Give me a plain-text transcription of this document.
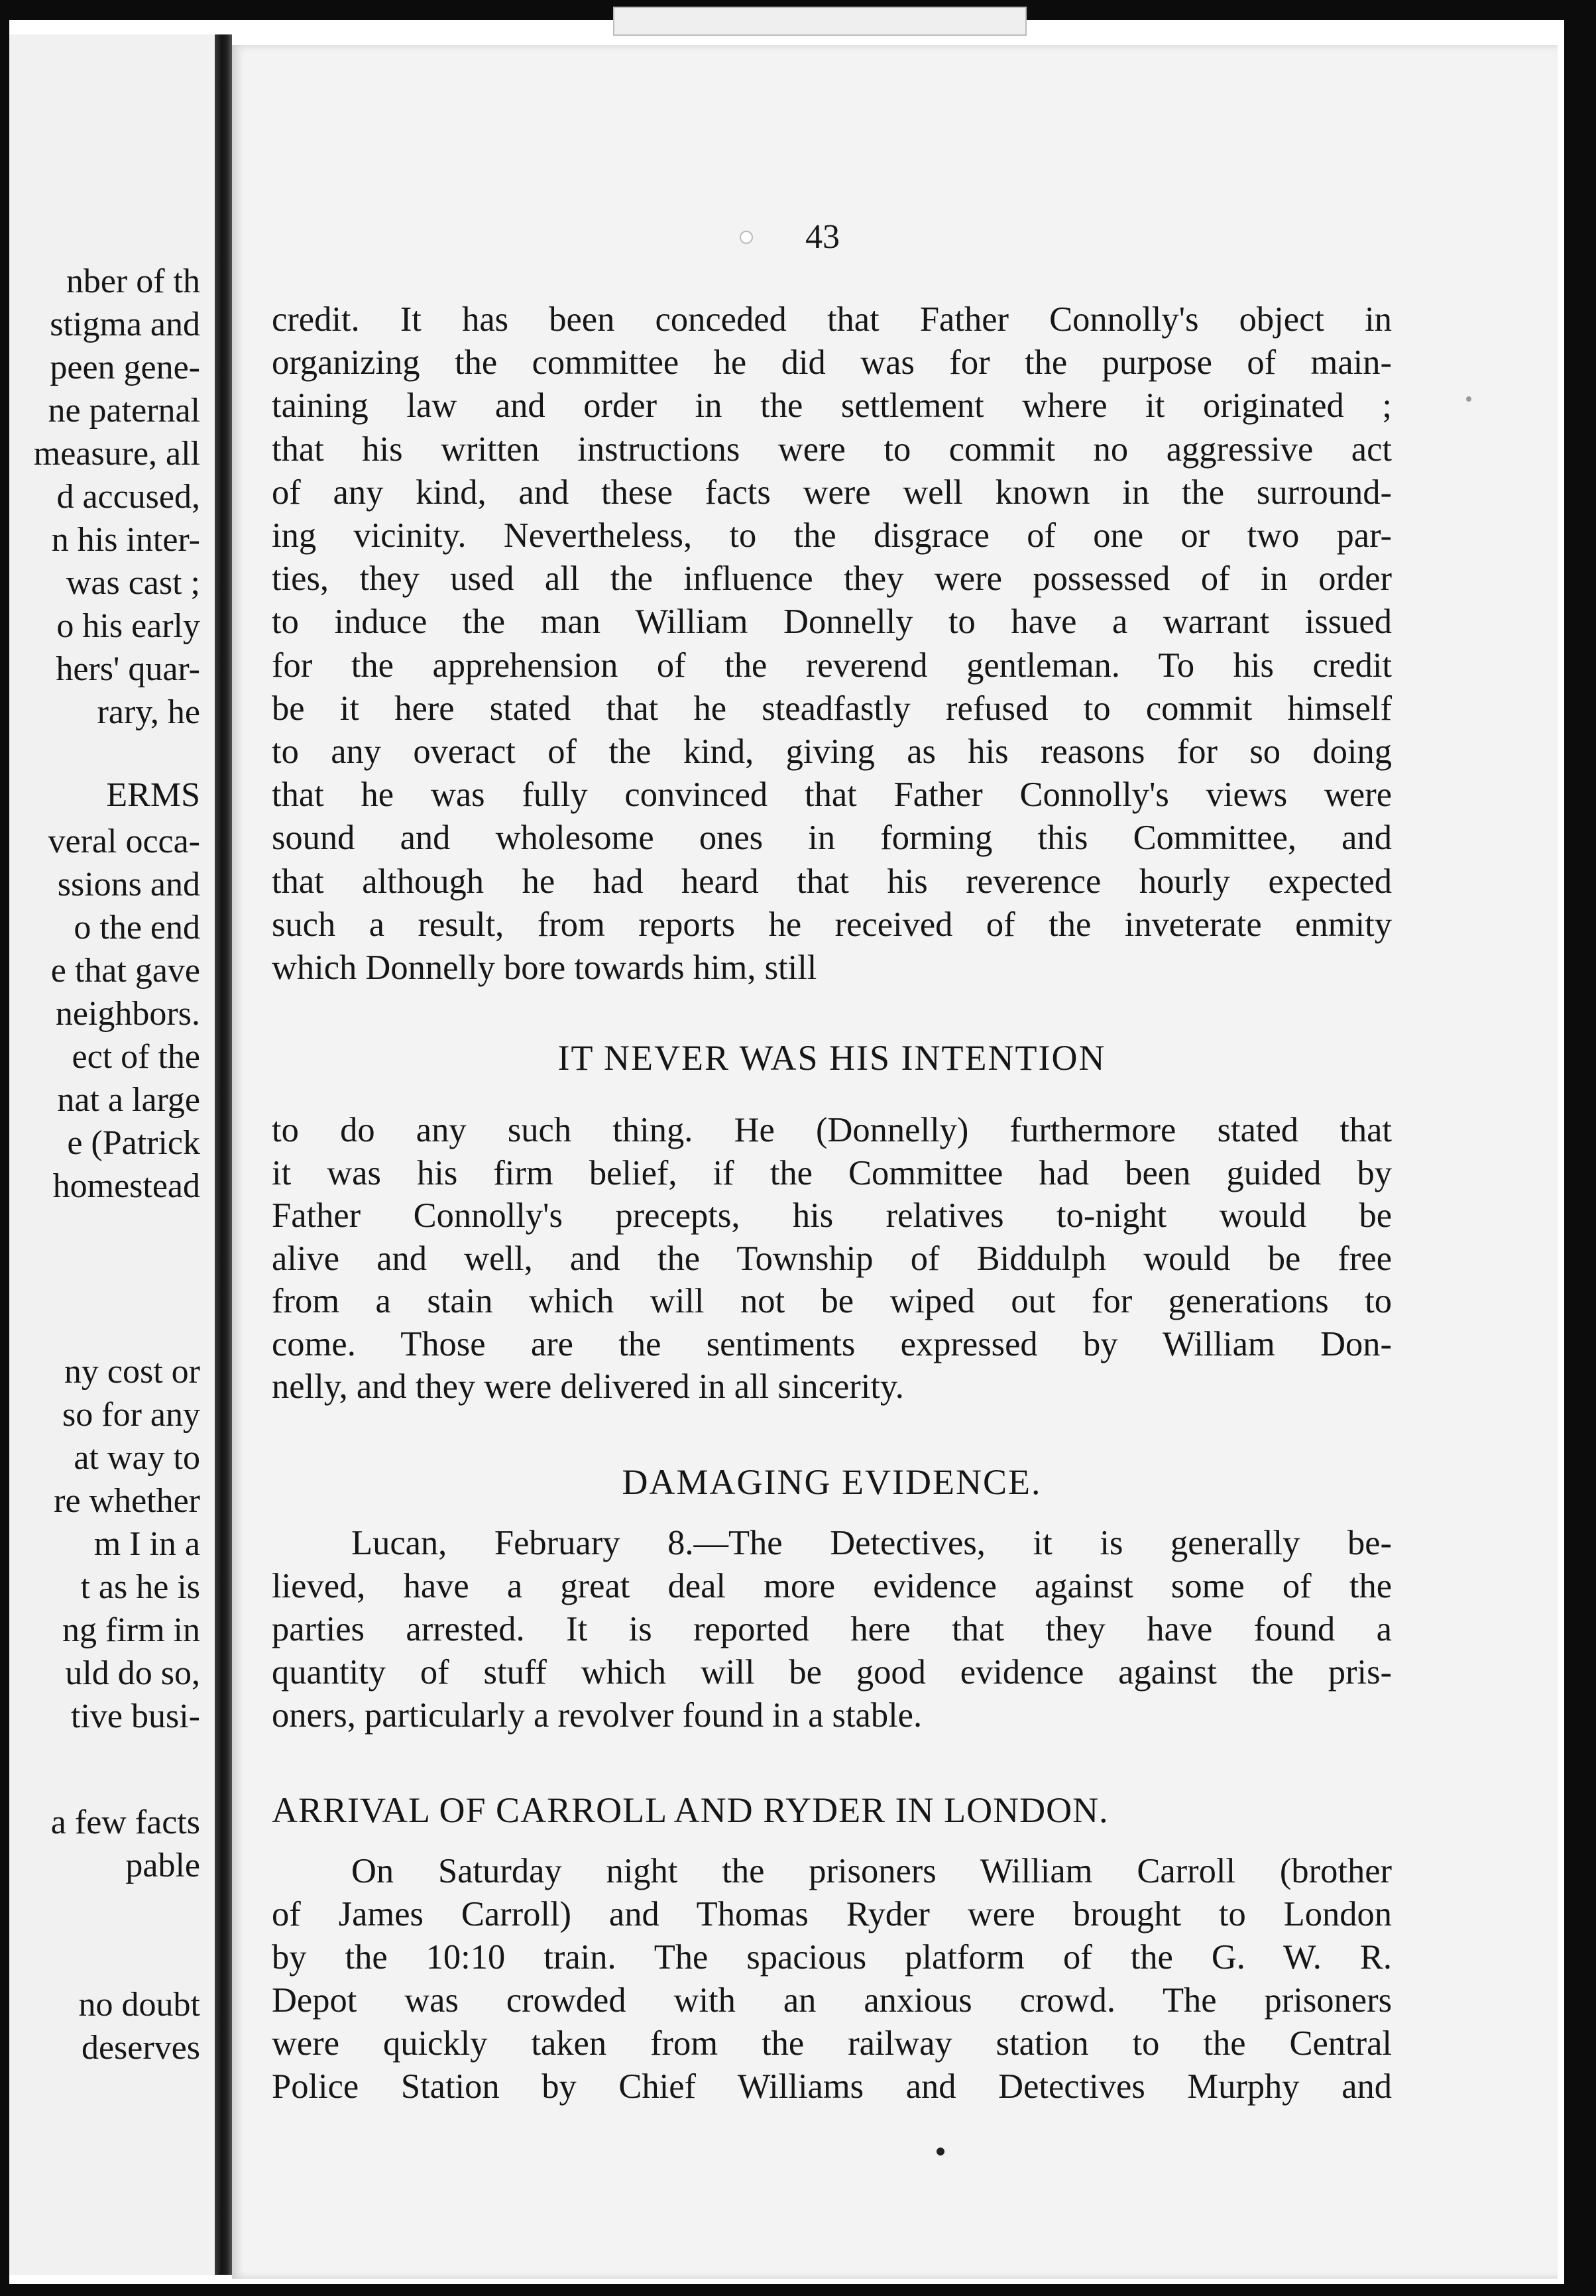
nber of th
stigma and
peen gene-
ne paternal
measure, all
d accused,
n his inter-
was cast ;
o his early
hers' quar-
rary, he
ERMS
veral occa-
ssions and
o the end
e that gave
neighbors.
ect of the
nat a large
e (Patrick
homestead
ny cost or
so for any
at way to
re whether
m I in a
t as he is
ng firm in
uld do so,
tive busi-
a few facts
pable
no doubt
deserves
43
credit. It has been conceded that Father Connolly's object in
organizing the committee he did was for the purpose of main-
taining law and order in the settlement where it originated ;
that his written instructions were to commit no aggressive act
of any kind, and these facts were well known in the surround-
ing vicinity. Nevertheless, to the disgrace of one or two par-
ties, they used all the influence they were possessed of in order
to induce the man William Donnelly to have a warrant issued
for the apprehension of the reverend gentleman. To his credit
be it here stated that he steadfastly refused to commit himself
to any overact of the kind, giving as his reasons for so doing
that he was fully convinced that Father Connolly's views were
sound and wholesome ones in forming this Committee, and
that although he had heard that his reverence hourly expected
such a result, from reports he received of the inveterate enmity
which Donnelly bore towards him, still
IT NEVER WAS HIS INTENTION
to do any such thing. He (Donnelly) furthermore stated that
it was his firm belief, if the Committee had been guided by
Father Connolly's precepts, his relatives to-night would be
alive and well, and the Township of Biddulph would be free
from a stain which will not be wiped out for generations to
come. Those are the sentiments expressed by William Don-
nelly, and they were delivered in all sincerity.
DAMAGING EVIDENCE.
Lucan, February 8.—The Detectives, it is generally be-
lieved, have a great deal more evidence against some of the
parties arrested. It is reported here that they have found a
quantity of stuff which will be good evidence against the pris-
oners, particularly a revolver found in a stable.
ARRIVAL OF CARROLL AND RYDER IN LONDON.
On Saturday night the prisoners William Carroll (brother
of James Carroll) and Thomas Ryder were brought to London
by the 10:10 train. The spacious platform of the G. W. R.
Depot was crowded with an anxious crowd. The prisoners
were quickly taken from the railway station to the Central
Police Station by Chief Williams and Detectives Murphy and
